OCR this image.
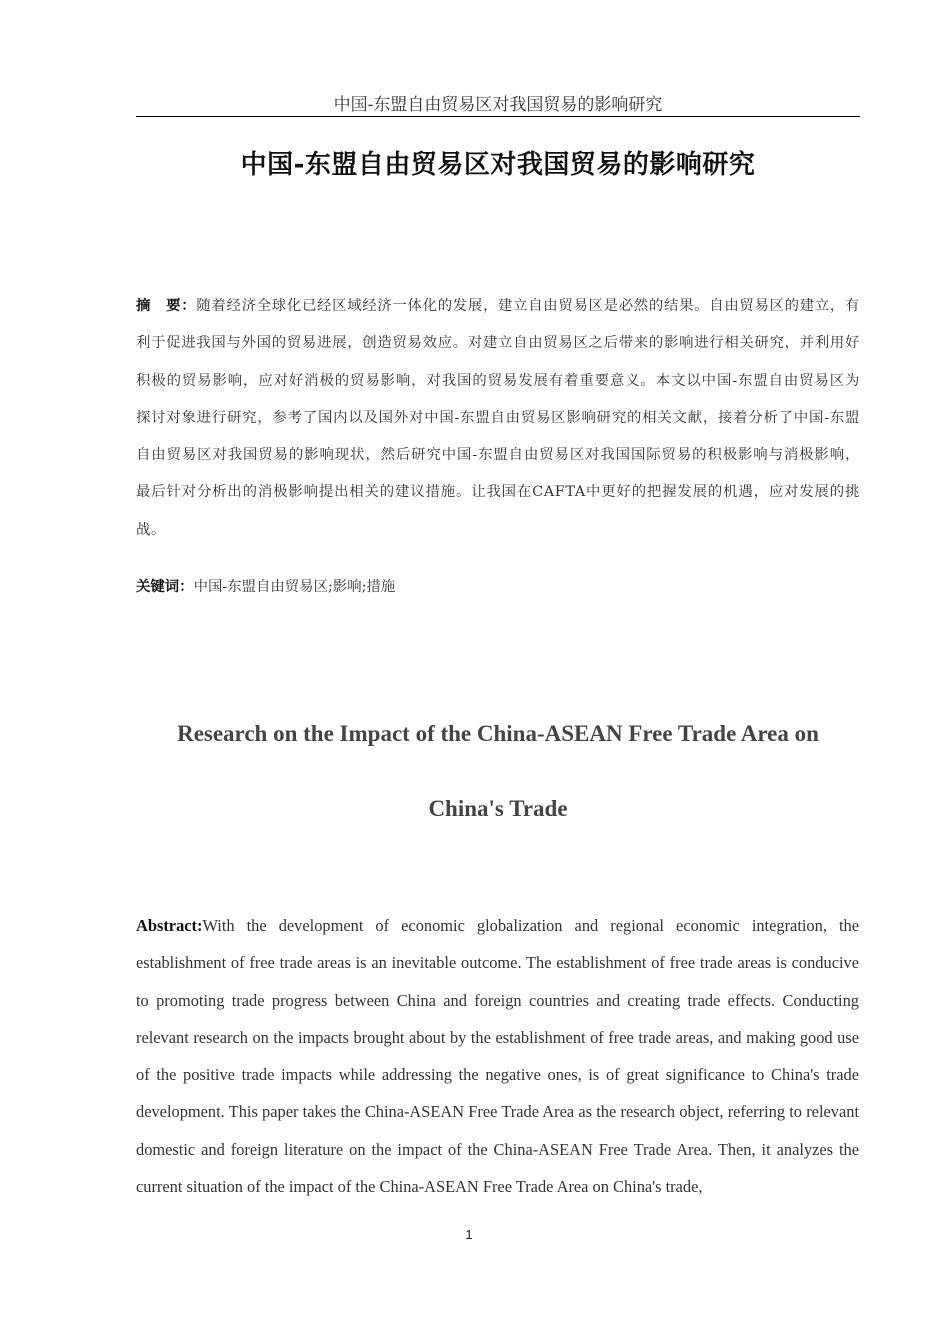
中国-东盟自由贸易区对我国贸易的影响研究
中国-东盟自由贸易区对我国贸易的影响研究
摘　要：随着经济全球化已经区域经济一体化的发展，建立自由贸易区是必然的结果。自由贸易区的建立，有利于促进我国与外国的贸易进展，创造贸易效应。对建立自由贸易区之后带来的影响进行相关研究，并利用好积极的贸易影响，应对好消极的贸易影响，对我国的贸易发展有着重要意义。本文以中国-东盟自由贸易区为探讨对象进行研究，参考了国内以及国外对中国-东盟自由贸易区影响研究的相关文献，接着分析了中国-东盟自由贸易区对我国贸易的影响现状，然后研究中国-东盟自由贸易区对我国国际贸易的积极影响与消极影响，最后针对分析出的消极影响提出相关的建议措施。让我国在CAFTA中更好的把握发展的机遇，应对发展的挑战。
关键词：中国-东盟自由贸易区;影响;措施
Research on the Impact of the China-ASEAN Free Trade Area on
China's Trade
Abstract:With the development of economic globalization and regional economic integration, the establishment of free trade areas is an inevitable outcome. The establishment of free trade areas is conducive to promoting trade progress between China and foreign countries and creating trade effects. Conducting relevant research on the impacts brought about by the establishment of free trade areas, and making good use of the positive trade impacts while addressing the negative ones, is of great significance to China's trade development. This paper takes the China-ASEAN Free Trade Area as the research object, referring to relevant domestic and foreign literature on the impact of the China-ASEAN Free Trade Area. Then, it analyzes the current situation of the impact of the China-ASEAN Free Trade Area on China's trade,
1
